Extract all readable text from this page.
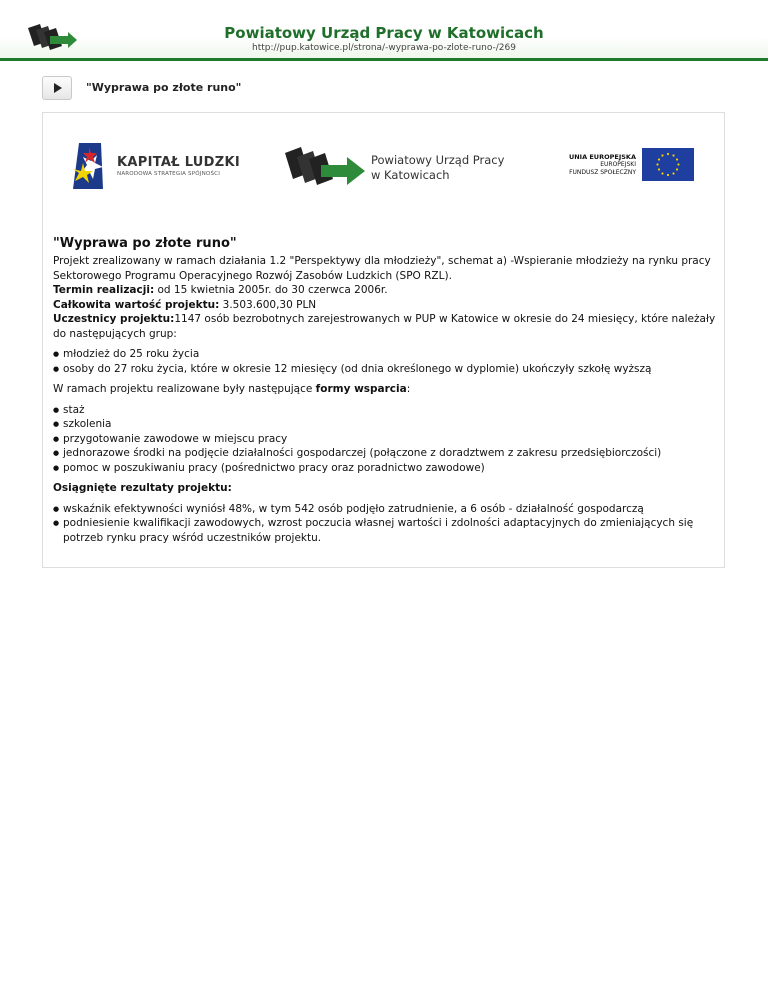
Powiatowy Urząd Pracy w Katowicach
http://pup.katowice.pl/strona/-wyprawa-po-zlote-runo-/269
"Wyprawa po złote runo"
KAPITAŁ LUDZKI
NARODOWA STRATEGIA SPÓJNOŚCI
Powiatowy Urząd Pracy
w Katowicach
UNIA EUROPEJSKA
EUROPEJSKI
FUNDUSZ SPOŁECZNY
"Wyprawa po złote runo"

Projekt zrealizowany w ramach działania 1.2 "Perspektywy dla młodzieży", schemat a) -Wspieranie młodzieży na rynku pracy Sektorowego Programu Operacyjnego Rozwój Zasobów Ludzkich (SPO RZL).

Termin realizacji: od 15 kwietnia 2005r. do 30 czerwca 2006r.

Całkowita wartość projektu: 3.503.600,30 PLN

Uczestnicy projektu:1147 osób bezrobotnych zarejestrowanych w PUP w Katowice w okresie do 24 miesięcy, które należały do następujących grup:

● młodzież do 25 roku życia
● osoby do 27 roku życia, które w okresie 12 miesięcy (od dnia określonego w dyplomie) ukończyły szkołę wyższą

W ramach projektu realizowane były następujące formy wsparcia:

● staż
● szkolenia
● przygotowanie zawodowe w miejscu pracy
● jednorazowe środki na podjęcie działalności gospodarczej (połączone z doradztwem z zakresu przedsiębiorczości)
● pomoc w poszukiwaniu pracy (pośrednictwo pracy oraz poradnictwo zawodowe)

Osiągnięte rezultaty projektu:

● wskaźnik efektywności wyniósł 48%, w tym 542 osób podjęło zatrudnienie, a 6 osób - działalność gospodarczą
● podniesienie kwalifikacji zawodowych, wzrost poczucia własnej wartości i zdolności adaptacyjnych do zmieniających się potrzeb rynku pracy wśród uczestników projektu.
